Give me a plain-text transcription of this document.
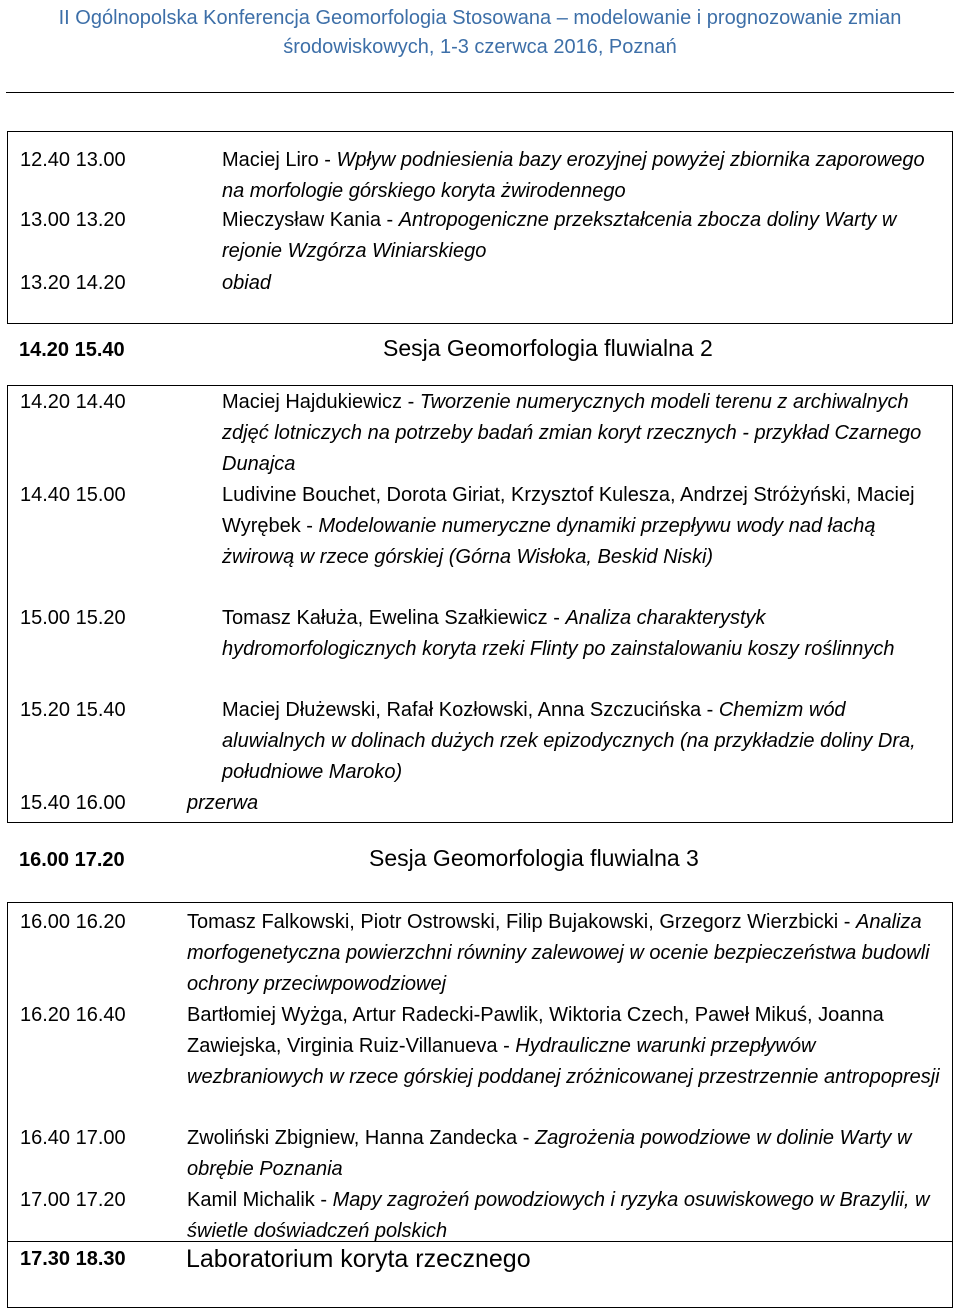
II Ogólnopolska Konferencja Geomorfologia Stosowana – modelowanie i prognozowanie zmian
środowiskowych, 1-3 czerwca 2016, Poznań
12.40 13.00	Maciej Liro - Wpływ podniesienia bazy erozyjnej powyżej zbiornika zaporowego na morfologie górskiego koryta żwirodennego
13.00 13.20	Mieczysław Kania - Antropogeniczne przekształcenia zbocza doliny Warty w rejonie Wzgórza Winiarskiego
13.20 14.20	obiad
14.20 15.40	Sesja Geomorfologia fluwialna 2
14.20 14.40	Maciej Hajdukiewicz - Tworzenie numerycznych modeli terenu z archiwalnych zdjęć lotniczych na potrzeby badań zmian koryt rzecznych - przykład Czarnego Dunajca
14.40 15.00	Ludivine Bouchet, Dorota Giriat, Krzysztof Kulesza, Andrzej Stróżyński, Maciej Wyrębek - Modelowanie numeryczne dynamiki przepływu wody nad łachą żwirową w rzece górskiej (Górna Wisłoka, Beskid Niski)
15.00 15.20	Tomasz Kałuża, Ewelina Szałkiewicz - Analiza charakterystyk hydromorfologicznych koryta rzeki Flinty po zainstalowaniu koszy roślinnych
15.20 15.40	Maciej Dłużewski, Rafał Kozłowski, Anna Szczucińska - Chemizm wód aluwialnych w dolinach dużych rzek epizodycznych (na przykładzie doliny Dra, południowe Maroko)
15.40 16.00	przerwa
16.00 17.20	Sesja Geomorfologia fluwialna 3
16.00 16.20	Tomasz Falkowski, Piotr Ostrowski, Filip Bujakowski, Grzegorz Wierzbicki - Analiza morfogenetyczna powierzchni równiny zalewowej w ocenie bezpieczeństwa budowli ochrony przeciwpowodziowej
16.20 16.40	Bartłomiej Wyżga, Artur Radecki-Pawlik, Wiktoria Czech, Paweł Mikuś, Joanna Zawiejska, Virginia Ruiz-Villanueva - Hydrauliczne warunki przepływów wezbraniowych w rzece górskiej poddanej zróżnicowanej przestrzennie antropopresji
16.40 17.00	Zwoliński Zbigniew, Hanna Zandecka - Zagrożenia powodziowe w dolinie Warty w obrębie Poznania
17.00 17.20	Kamil Michalik - Mapy zagrożeń powodziowych i ryzyka osuwiskowego w Brazylii, w świetle doświadczeń polskich
17.30 18.30 Laboratorium koryta rzecznego
